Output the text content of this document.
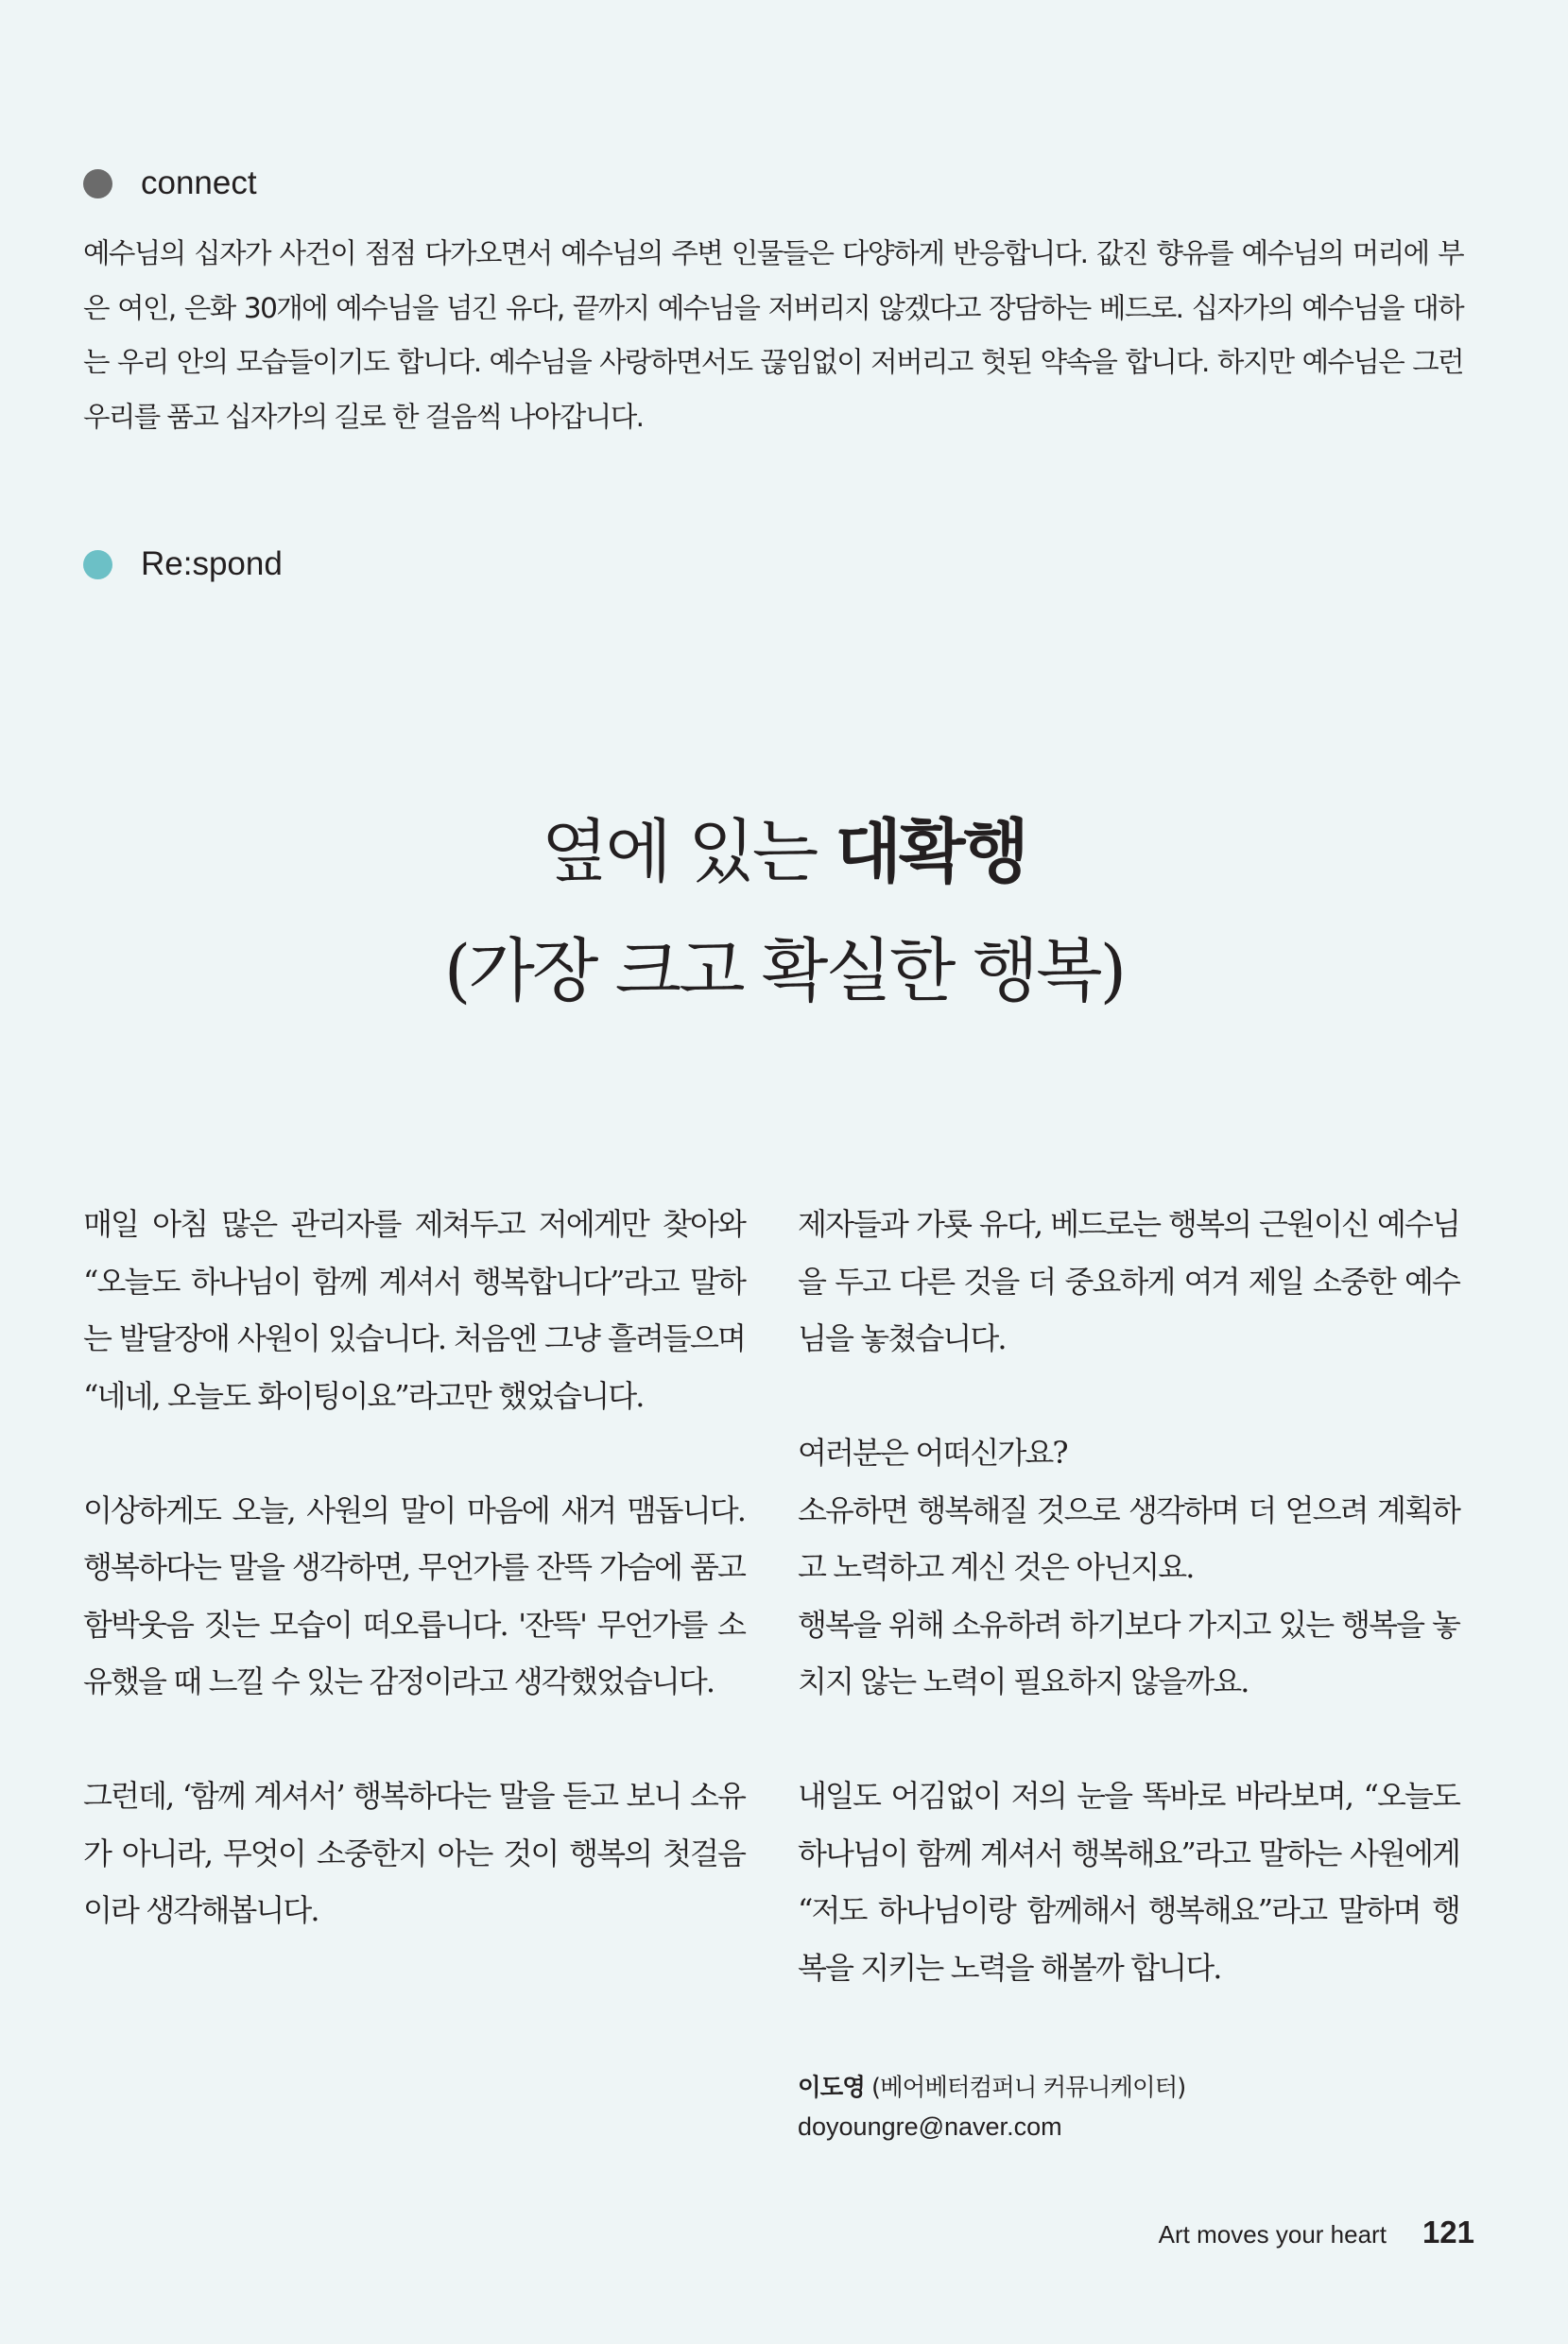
connect

예수님의 십자가 사건이 점점 다가오면서 예수님의 주변 인물들은 다양하게 반응합니다. 값진 향유를 예수님의 머리에 부은 여인, 은화 30개에 예수님을 넘긴 유다, 끝까지 예수님을 저버리지 않겠다고 장담하는 베드로. 십자가의 예수님을 대하는 우리 안의 모습들이기도 합니다. 예수님을 사랑하면서도 끊임없이 저버리고 헛된 약속을 합니다. 하지만 예수님은 그런 우리를 품고 십자가의 길로 한 걸음씩 나아갑니다.

Re:spond
옆에 있는 대확행
(가장 크고 확실한 행복)

매일 아침 많은 관리자를 제쳐두고 저에게만 찾아와 “오늘도 하나님이 함께 계셔서 행복합니다”라고 말하는 발달장애 사원이 있습니다. 처음엔 그냥 흘려들으며 “네네, 오늘도 화이팅이요”라고만 했었습니다.

이상하게도 오늘, 사원의 말이 마음에 새겨 맴돕니다. 행복하다는 말을 생각하면, 무언가를 잔뜩 가슴에 품고 함박웃음 짓는 모습이 떠오릅니다. '잔뜩' 무언가를 소유했을 때 느낄 수 있는 감정이라고 생각했었습니다.

그런데, ‘함께 계셔서’ 행복하다는 말을 듣고 보니 소유가 아니라, 무엇이 소중한지 아는 것이 행복의 첫걸음이라 생각해봅니다.

제자들과 가룟 유다, 베드로는 행복의 근원이신 예수님을 두고 다른 것을 더 중요하게 여겨 제일 소중한 예수님을 놓쳤습니다.

여러분은 어떠신가요?
소유하면 행복해질 것으로 생각하며 더 얻으려 계획하고 노력하고 계신 것은 아닌지요.
행복을 위해 소유하려 하기보다 가지고 있는 행복을 놓치지 않는 노력이 필요하지 않을까요.

내일도 어김없이 저의 눈을 똑바로 바라보며, “오늘도 하나님이 함께 계셔서 행복해요”라고 말하는 사원에게 “저도 하나님이랑 함께해서 행복해요”라고 말하며 행복을 지키는 노력을 해볼까 합니다.

이도영 (베어베터컴퍼니 커뮤니케이터)
doyoungre@naver.com
Art moves your heart 121
